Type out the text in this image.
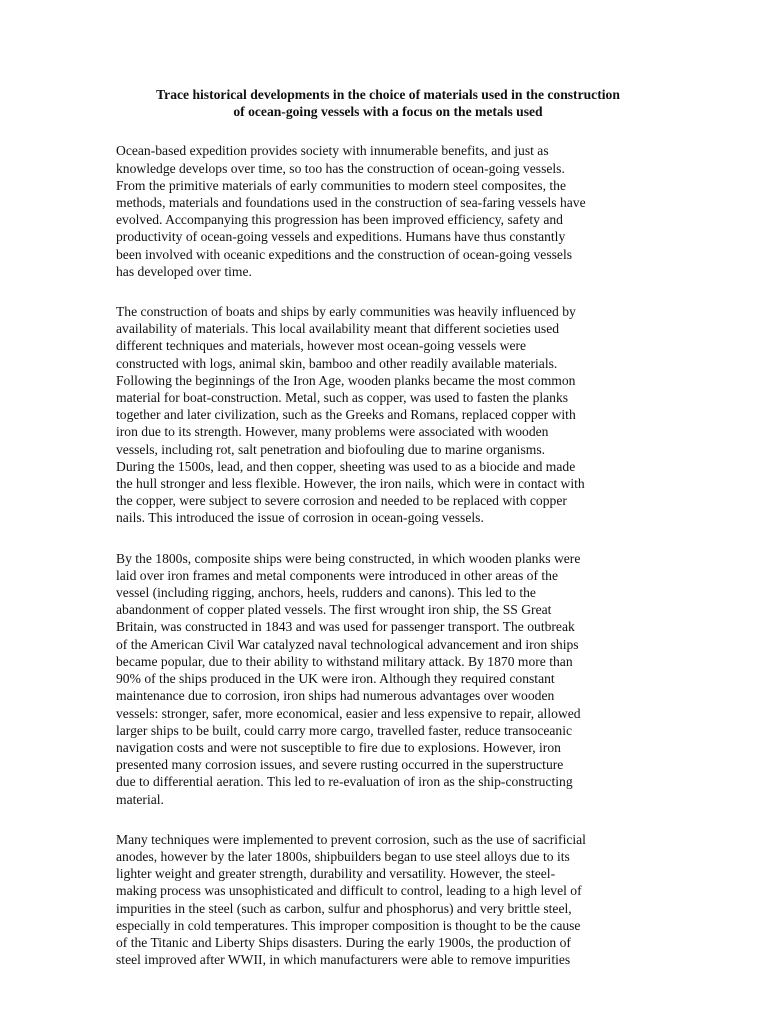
Trace historical developments in the choice of materials used in the construction
of ocean-going vessels with a focus on the metals used

Ocean-based expedition provides society with innumerable benefits, and just as
knowledge develops over time, so too has the construction of ocean-going vessels.
From the primitive materials of early communities to modern steel composites, the
methods, materials and foundations used in the construction of sea-faring vessels have
evolved. Accompanying this progression has been improved efficiency, safety and
productivity of ocean-going vessels and expeditions. Humans have thus constantly
been involved with oceanic expeditions and the construction of ocean-going vessels
has developed over time.

The construction of boats and ships by early communities was heavily influenced by
availability of materials. This local availability meant that different societies used
different techniques and materials, however most ocean-going vessels were
constructed with logs, animal skin, bamboo and other readily available materials.
Following the beginnings of the Iron Age, wooden planks became the most common
material for boat-construction. Metal, such as copper, was used to fasten the planks
together and later civilization, such as the Greeks and Romans, replaced copper with
iron due to its strength. However, many problems were associated with wooden
vessels, including rot, salt penetration and biofouling due to marine organisms.
During the 1500s, lead, and then copper, sheeting was used to as a biocide and made
the hull stronger and less flexible. However, the iron nails, which were in contact with
the copper, were subject to severe corrosion and needed to be replaced with copper
nails. This introduced the issue of corrosion in ocean-going vessels.

By the 1800s, composite ships were being constructed, in which wooden planks were
laid over iron frames and metal components were introduced in other areas of the
vessel (including rigging, anchors, heels, rudders and canons). This led to the
abandonment of copper plated vessels. The first wrought iron ship, the SS Great
Britain, was constructed in 1843 and was used for passenger transport. The outbreak
of the American Civil War catalyzed naval technological advancement and iron ships
became popular, due to their ability to withstand military attack. By 1870 more than
90% of the ships produced in the UK were iron. Although they required constant
maintenance due to corrosion, iron ships had numerous advantages over wooden
vessels: stronger, safer, more economical, easier and less expensive to repair, allowed
larger ships to be built, could carry more cargo, travelled faster, reduce transoceanic
navigation costs and were not susceptible to fire due to explosions. However, iron
presented many corrosion issues, and severe rusting occurred in the superstructure
due to differential aeration. This led to re-evaluation of iron as the ship-constructing
material.

Many techniques were implemented to prevent corrosion, such as the use of sacrificial
anodes, however by the later 1800s, shipbuilders began to use steel alloys due to its
lighter weight and greater strength, durability and versatility. However, the steel-
making process was unsophisticated and difficult to control, leading to a high level of
impurities in the steel (such as carbon, sulfur and phosphorus) and very brittle steel,
especially in cold temperatures. This improper composition is thought to be the cause
of the Titanic and Liberty Ships disasters. During the early 1900s, the production of
steel improved after WWII, in which manufacturers were able to remove impurities
